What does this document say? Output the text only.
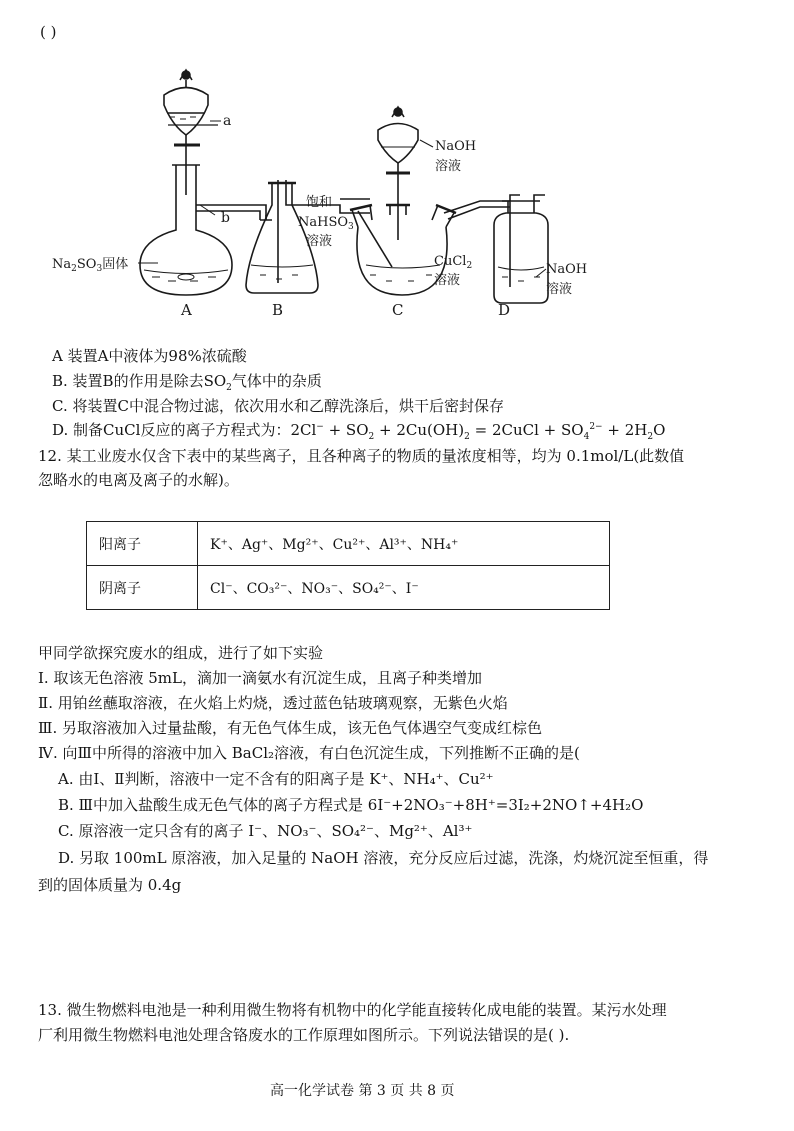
( )
a
b
NaOH
溶液
$Na_2SO_3$固体
饱和
NaHSO$_3$
溶液
CuCl$_2$
溶液
NaOH
溶液
A	B	C	D
A 装置A中液体为98%浓硫酸
B. 装置B的作用是除去$SO_2$气体中的杂质
C. 将装置C中混合物过滤，依次用水和乙醇洗涤后，烘干后密封保存
D. 制备CuCl反应的离子方程式为：$2Cl^- + SO_2 + 2Cu(OH)_2$ = 2CuCl + $SO_4^{2-} + 2H_2O$
12. 某工业废水仅含下表中的某些离子，且各种离子的物质的量浓度相等，均为 0.1mol/L(此数值
忽略水的电离及离子的水解)。
阳离子	K⁺、Ag⁺、Mg²⁺、Cu²⁺、Al³⁺、NH₄⁺
阴离子	Cl⁻、CO₃²⁻、NO₃⁻、SO₄²⁻、I⁻
甲同学欲探究废水的组成，进行了如下实验
Ⅰ. 取该无色溶液 5mL，滴加一滴氨水有沉淀生成，且离子种类增加
Ⅱ. 用铂丝蘸取溶液，在火焰上灼烧，透过蓝色钴玻璃观察，无紫色火焰
Ⅲ. 另取溶液加入过量盐酸，有无色气体生成，该无色气体遇空气变成红棕色
Ⅳ. 向Ⅲ中所得的溶液中加入 BaCl₂溶液，有白色沉淀生成，下列推断不正确的是(
A. 由Ⅰ、Ⅱ判断，溶液中一定不含有的阳离子是 K⁺、NH₄⁺、Cu²⁺
B. Ⅲ中加入盐酸生成无色气体的离子方程式是 6I⁻+2NO₃⁻+8H⁺=3I₂+2NO↑+4H₂O
C. 原溶液一定只含有的离子 I⁻、NO₃⁻、SO₄²⁻、Mg²⁺、Al³⁺
D. 另取 100mL 原溶液，加入足量的 NaOH 溶液，充分反应后过滤，洗涤，灼烧沉淀至恒重，得
到的固体质量为 0.4g
13. 微生物燃料电池是一种利用微生物将有机物中的化学能直接转化成电能的装置。某污水处理
厂利用微生物燃料电池处理含铬废水的工作原理如图所示。下列说法错误的是( ).
高一化学试卷 第 3 页 共 8 页
